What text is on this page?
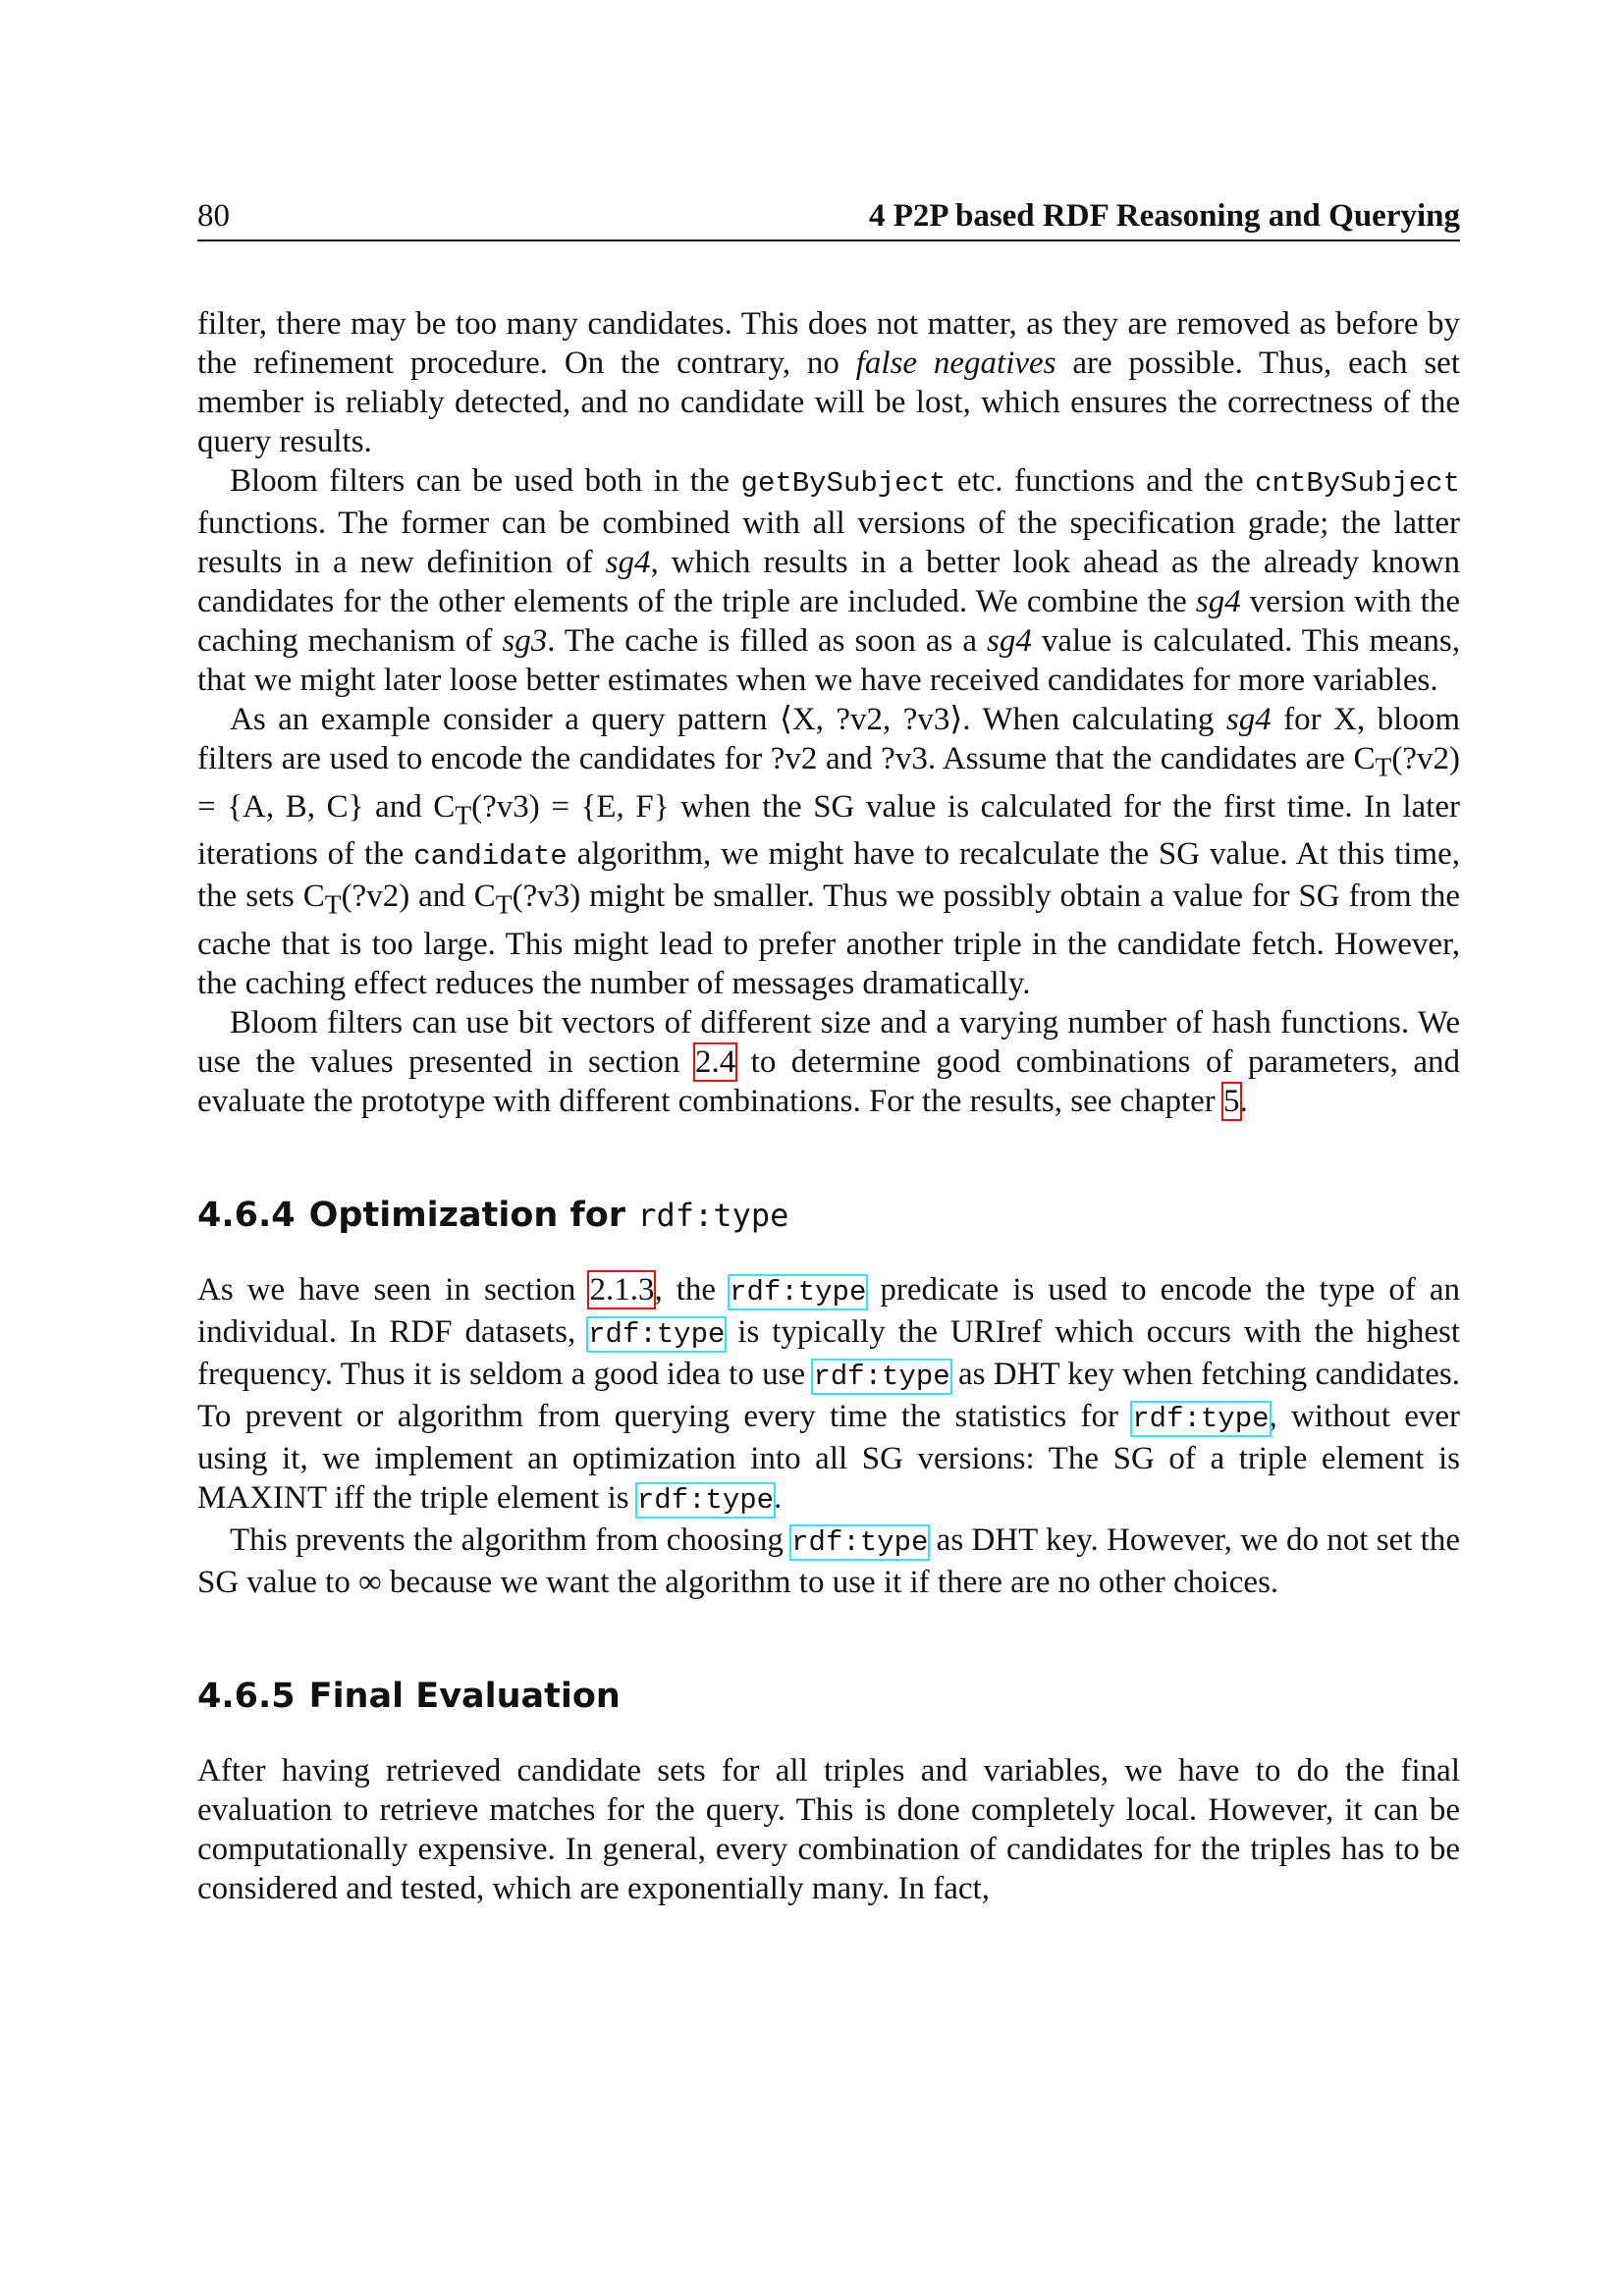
80	4 P2P based RDF Reasoning and Querying

filter, there may be too many candidates. This does not matter, as they are removed as before by the refinement procedure. On the contrary, no false negatives are possible. Thus, each set member is reliably detected, and no candidate will be lost, which ensures the correctness of the query results.

Bloom filters can be used both in the getBySubject etc. functions and the cntBySubject functions. The former can be combined with all versions of the specification grade; the latter results in a new definition of sg4, which results in a better look ahead as the already known candidates for the other elements of the triple are included. We combine the sg4 version with the caching mechanism of sg3. The cache is filled as soon as a sg4 value is calculated. This means, that we might later loose better estimates when we have received candidates for more variables.

As an example consider a query pattern ⟨X, ?v2, ?v3⟩. When calculating sg4 for X, bloom filters are used to encode the candidates for ?v2 and ?v3. Assume that the candidates are $C_T(?v2) = \{A$, B, C} and $C_T(?v3) = \{E$, F} when the SG value is calculated for the first time. In later iterations of the candidate algorithm, we might have to recalculate the SG value. At this time, the sets $C_T(?v2)$ and $C_T(?v3)$ might be smaller. Thus we possibly obtain a value for SG from the cache that is too large. This might lead to prefer another triple in the candidate fetch. However, the caching effect reduces the number of messages dramatically.

Bloom filters can use bit vectors of different size and a varying number of hash functions. We use the values presented in section 2.4 to determine good combinations of parameters, and evaluate the prototype with different combinations. For the results, see chapter 5.

4.6.4 Optimization for rdf:type

As we have seen in section 2.1.3, the rdf:type predicate is used to encode the type of an individual. In RDF datasets, rdf:type is typically the URIref which occurs with the highest frequency. Thus it is seldom a good idea to use rdf:type as DHT key when fetching candidates. To prevent or algorithm from querying every time the statistics for rdf:type, without ever using it, we implement an optimization into all SG versions: The SG of a triple element is MAXINT iff the triple element is rdf:type.

This prevents the algorithm from choosing rdf:type as DHT key. However, we do not set the SG value to ∞ because we want the algorithm to use it if there are no other choices.

4.6.5 Final Evaluation

After having retrieved candidate sets for all triples and variables, we have to do the final evaluation to retrieve matches for the query. This is done completely local. However, it can be computationally expensive. In general, every combination of candidates for the triples has to be considered and tested, which are exponentially many. In fact,
